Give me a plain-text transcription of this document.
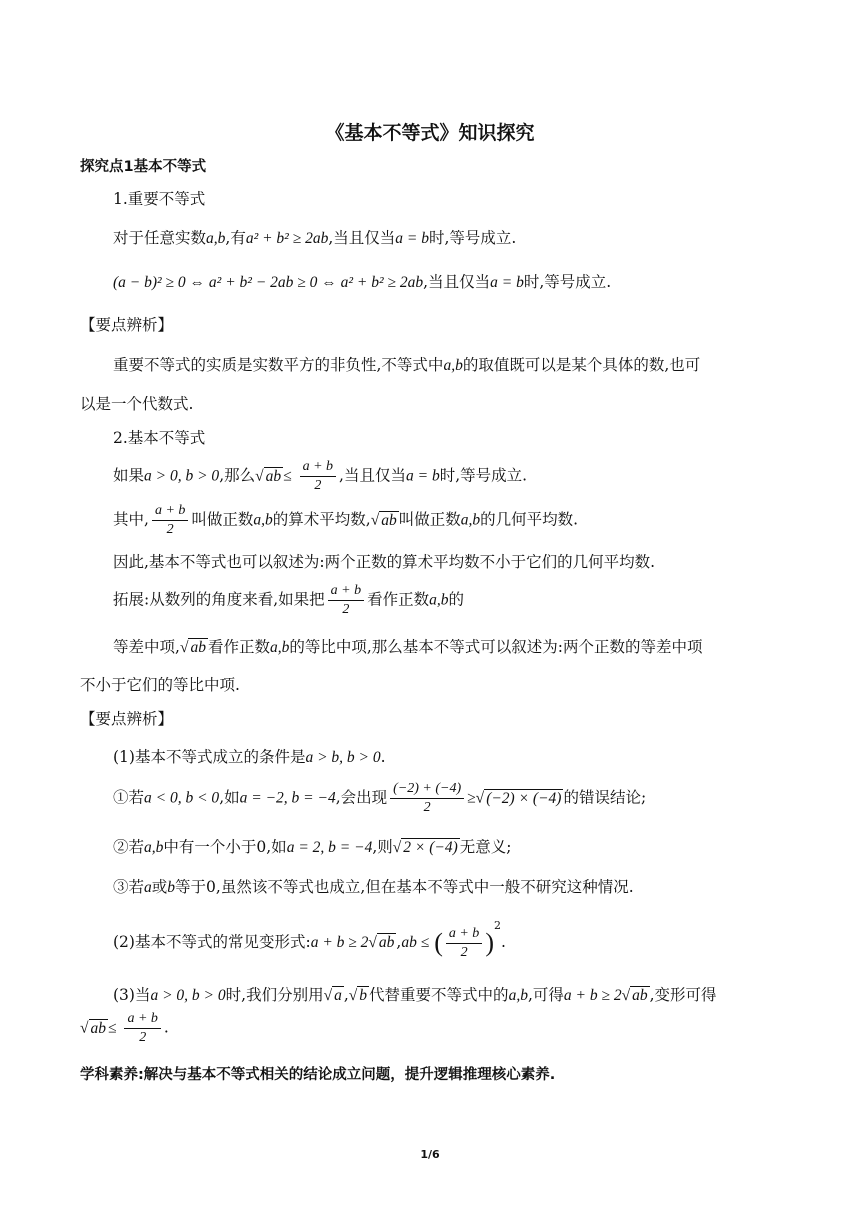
《基本不等式》知识探究
探究点1基本不等式
1.重要不等式
对于任意实数a,b,有a² + b² ≥ 2ab,当且仅当a = b时,等号成立.
(a − b)² ≥ 0 ⇔ a² + b² − 2ab ≥ 0 ⇔ a² + b² ≥ 2ab,当且仅当a = b时,等号成立.
【要点辨析】
重要不等式的实质是实数平方的非负性,不等式中a,b的取值既可以是某个具体的数,也可
以是一个代数式.
2.基本不等式
如果a > 0, b > 0,那么√ ab ≤ $\frac{a + b}{2}$ ,当且仅当a = b时,等号成立.
其中, $\frac{a + b}{2}$ 叫做正数a,b的算术平均数,√ ab 叫做正数a,b的几何平均数.
因此,基本不等式也可以叙述为:两个正数的算术平均数不小于它们的几何平均数.
拓展:从数列的角度来看,如果把 $\frac{a + b}{2}$ 看作正数a,b的
等差中项,√ ab 看作正数a,b的等比中项,那么基本不等式可以叙述为:两个正数的等差中项
不小于它们的等比中项.
【要点辨析】
(1)基本不等式成立的条件是a > b, b > 0.
①若a < 0, b < 0,如a = −2, b = −4,会出现 $\frac{(-2) + (-4)}{2}$ ≥√ (−2) × (−4) 的错误结论;
②若a,b中有一个小于0,如a = 2, b = −4,则√ 2 × (−4) 无意义;
③若a或b等于0,虽然该不等式也成立,但在基本不等式中一般不研究这种情况.
(2)基本不等式的常见变形式:a + b ≥ 2√ ab ,ab ≤ ( $\frac{a + b}{2} )^2$.
(3)当a > 0, b > 0时,我们分别用√ a ,√ b 代替重要不等式中的a,b,可得a + b ≥ 2√ ab ,变形可得
√ ab ≤ $\frac{a + b}{2}$ .
学科素养:解决与基本不等式相关的结论成立问题，提升逻辑推理核心素养.
1/6
